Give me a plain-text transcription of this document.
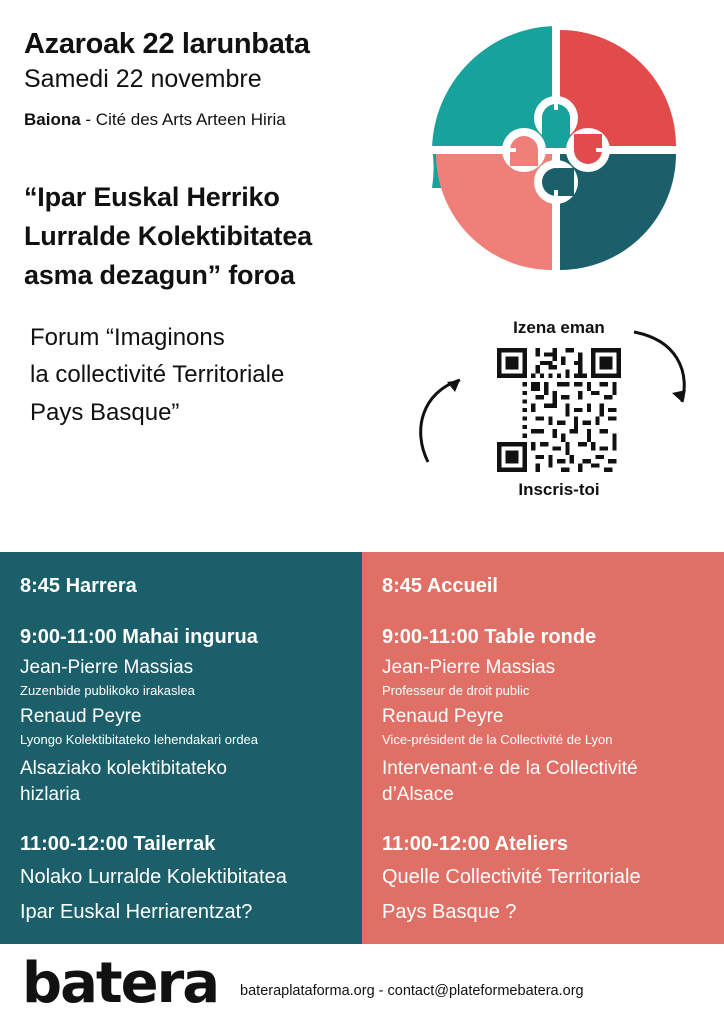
Azaroak 22 larunbata
Samedi 22 novembre
Baiona - Cité des Arts Arteen Hiria
“Ipar Euskal Herriko
Lurralde Kolektibitatea
asma dezagun” foroa
Forum “Imaginons
la collectivité Territoriale
Pays Basque”
Izena eman
Inscris-toi
8:45 Harrera
9:00-11:00 Mahai ingurua
Jean-Pierre Massias
Zuzenbide publikoko irakaslea
Renaud Peyre
Lyongo Kolektibitateko lehendakari ordea
Alsaziako kolektibitateko
hizlaria
11:00-12:00 Tailerrak
Nolako Lurralde Kolektibitatea
Ipar Euskal Herriarentzat?
8:45 Accueil
9:00-11:00 Table ronde
Jean-Pierre Massias
Professeur de droit public
Renaud Peyre
Vice-président de la Collectivité de Lyon
Intervenant·e de la Collectivité
d’Alsace
11:00-12:00 Ateliers
Quelle Collectivité Territoriale
Pays Basque ?
batera bateraplataforma.org - contact@plateformebatera.org
